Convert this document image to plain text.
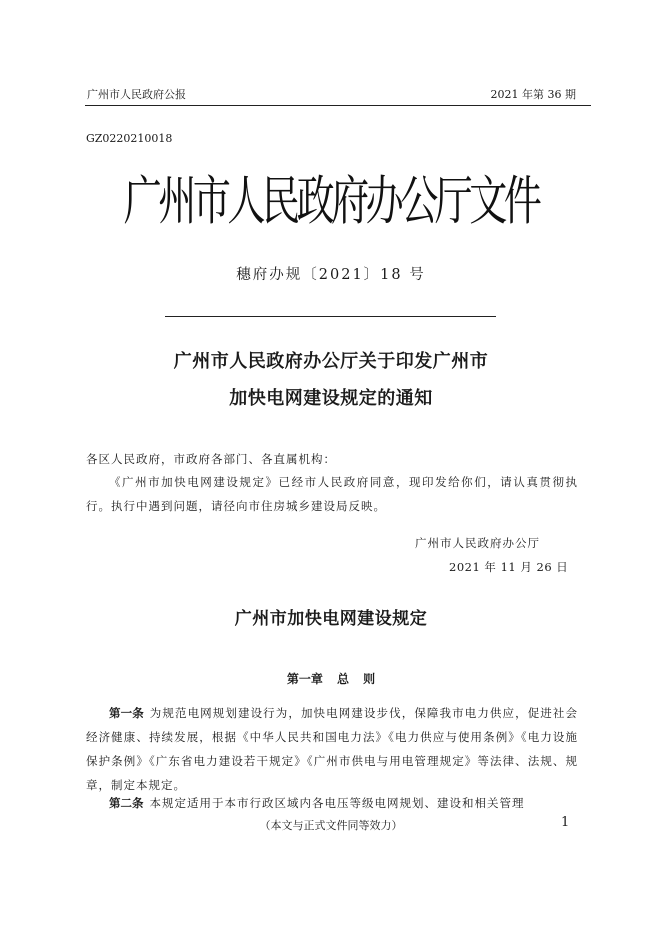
广州市人民政府公报	2021 年第 36 期
GZ0220210018
广州市人民政府办公厅文件
穗府办规〔2021〕18 号
广州市人民政府办公厅关于印发广州市
加快电网建设规定的通知
各区人民政府，市政府各部门、各直属机构：
《广州市加快电网建设规定》已经市人民政府同意，现印发给你们，请认真贯彻执行。执行中遇到问题，请径向市住房城乡建设局反映。
广州市人民政府办公厅
2021 年 11 月 26 日
广州市加快电网建设规定
第一章 总 则
第一条 为规范电网规划建设行为，加快电网建设步伐，保障我市电力供应，促进社会经济健康、持续发展，根据《中华人民共和国电力法》《电力供应与使用条例》《电力设施保护条例》《广东省电力建设若干规定》《广州市供电与用电管理规定》等法律、法规、规章，制定本规定。
第二条 本规定适用于本市行政区域内各电压等级电网规划、建设和相关管理
（本文与正式文件同等效力）	1
